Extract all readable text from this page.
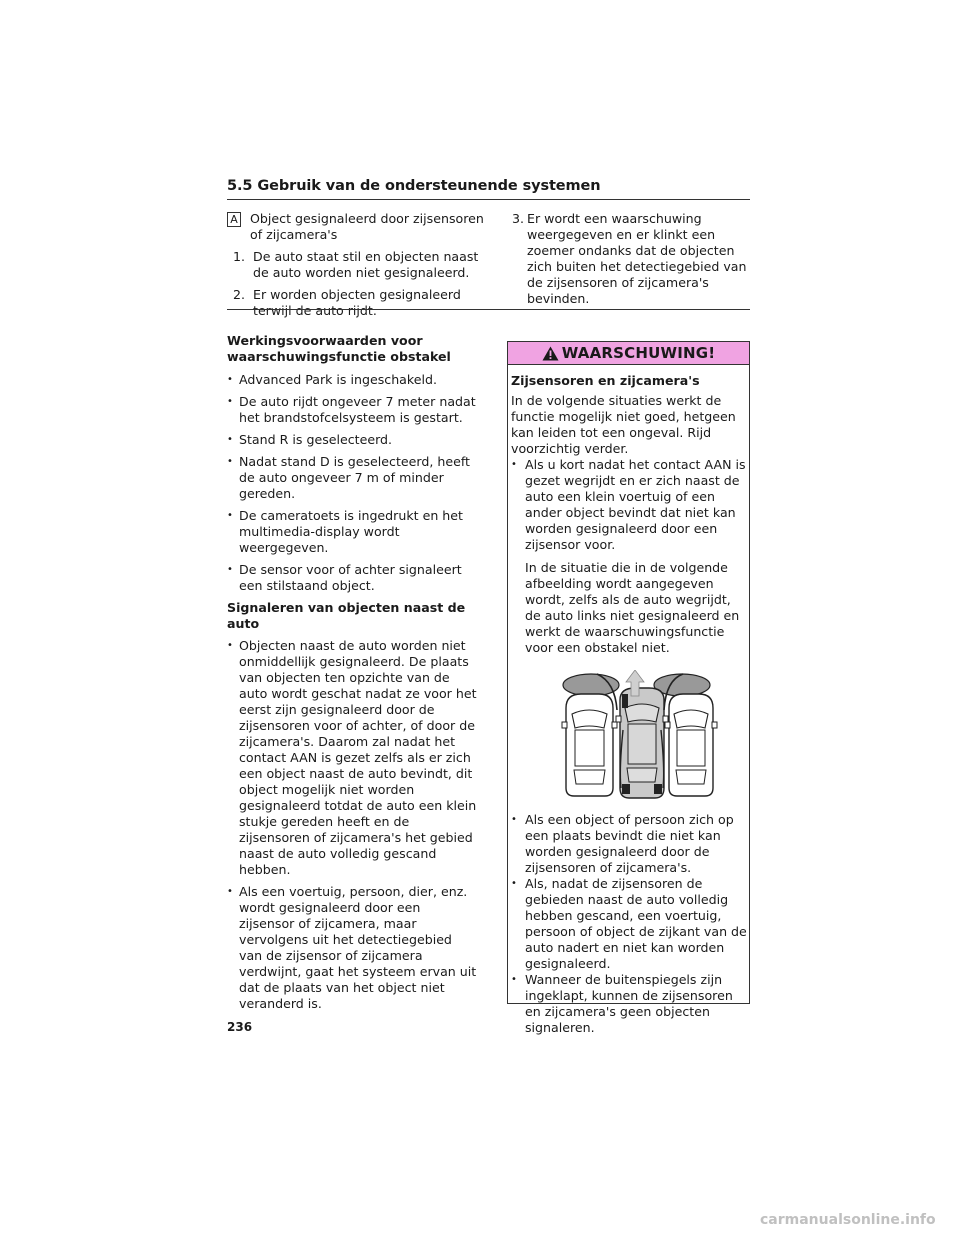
5.5 Gebruik van de ondersteunende systemen
A Object gesignaleerd door zijsensoren of zijcamera's
1. De auto staat stil en objecten naast de auto worden niet gesignaleerd.
2. Er worden objecten gesignaleerd terwijl de auto rijdt.
3. Er wordt een waarschuwing weergegeven en er klinkt een zoemer ondanks dat de objecten zich buiten het detectiegebied van de zijsensoren of zijcamera's bevinden.
Werkingsvoorwaarden voor waarschuwingsfunctie obstakel
• Advanced Park is ingeschakeld.
• De auto rijdt ongeveer 7 meter nadat het brandstofcelsysteem is gestart.
• Stand R is geselecteerd.
• Nadat stand D is geselecteerd, heeft de auto ongeveer 7 m of minder gereden.
• De cameratoets is ingedrukt en het multimedia-display wordt weergegeven.
• De sensor voor of achter signaleert een stilstaand object.
Signaleren van objecten naast de auto
• Objecten naast de auto worden niet onmiddellijk gesignaleerd. De plaats van objecten ten opzichte van de auto wordt geschat nadat ze voor het eerst zijn gesignaleerd door de zijsensoren voor of achter, of door de zijcamera's. Daarom zal nadat het contact AAN is gezet zelfs als er zich een object naast de auto bevindt, dit object mogelijk niet worden gesignaleerd totdat de auto een klein stukje gereden heeft en de zijsensoren of zijcamera's het gebied naast de auto volledig gescand hebben.
• Als een voertuig, persoon, dier, enz. wordt gesignaleerd door een zijsensor of zijcamera, maar vervolgens uit het detectiegebied van de zijsensor of zijcamera verdwijnt, gaat het systeem ervan uit dat de plaats van het object niet veranderd is.
WAARSCHUWING!
Zijsensoren en zijcamera's
In de volgende situaties werkt de functie mogelijk niet goed, hetgeen kan leiden tot een ongeval. Rijd voorzichtig verder.
• Als u kort nadat het contact AAN is gezet wegrijdt en er zich naast de auto een klein voertuig of een ander object bevindt dat niet kan worden gesignaleerd door een zijsensor voor.
In de situatie die in de volgende afbeelding wordt aangegeven wordt, zelfs als de auto wegrijdt, de auto links niet gesignaleerd en werkt de waarschuwingsfunctie voor een obstakel niet.
• Als een object of persoon zich op een plaats bevindt die niet kan worden gesignaleerd door de zijsensoren of zijcamera's.
• Als, nadat de zijsensoren de gebieden naast de auto volledig hebben gescand, een voertuig, persoon of object de zijkant van de auto nadert en niet kan worden gesignaleerd.
• Wanneer de buitenspiegels zijn ingeklapt, kunnen de zijsensoren en zijcamera's geen objecten signaleren.
236
carmanualsonline.info
